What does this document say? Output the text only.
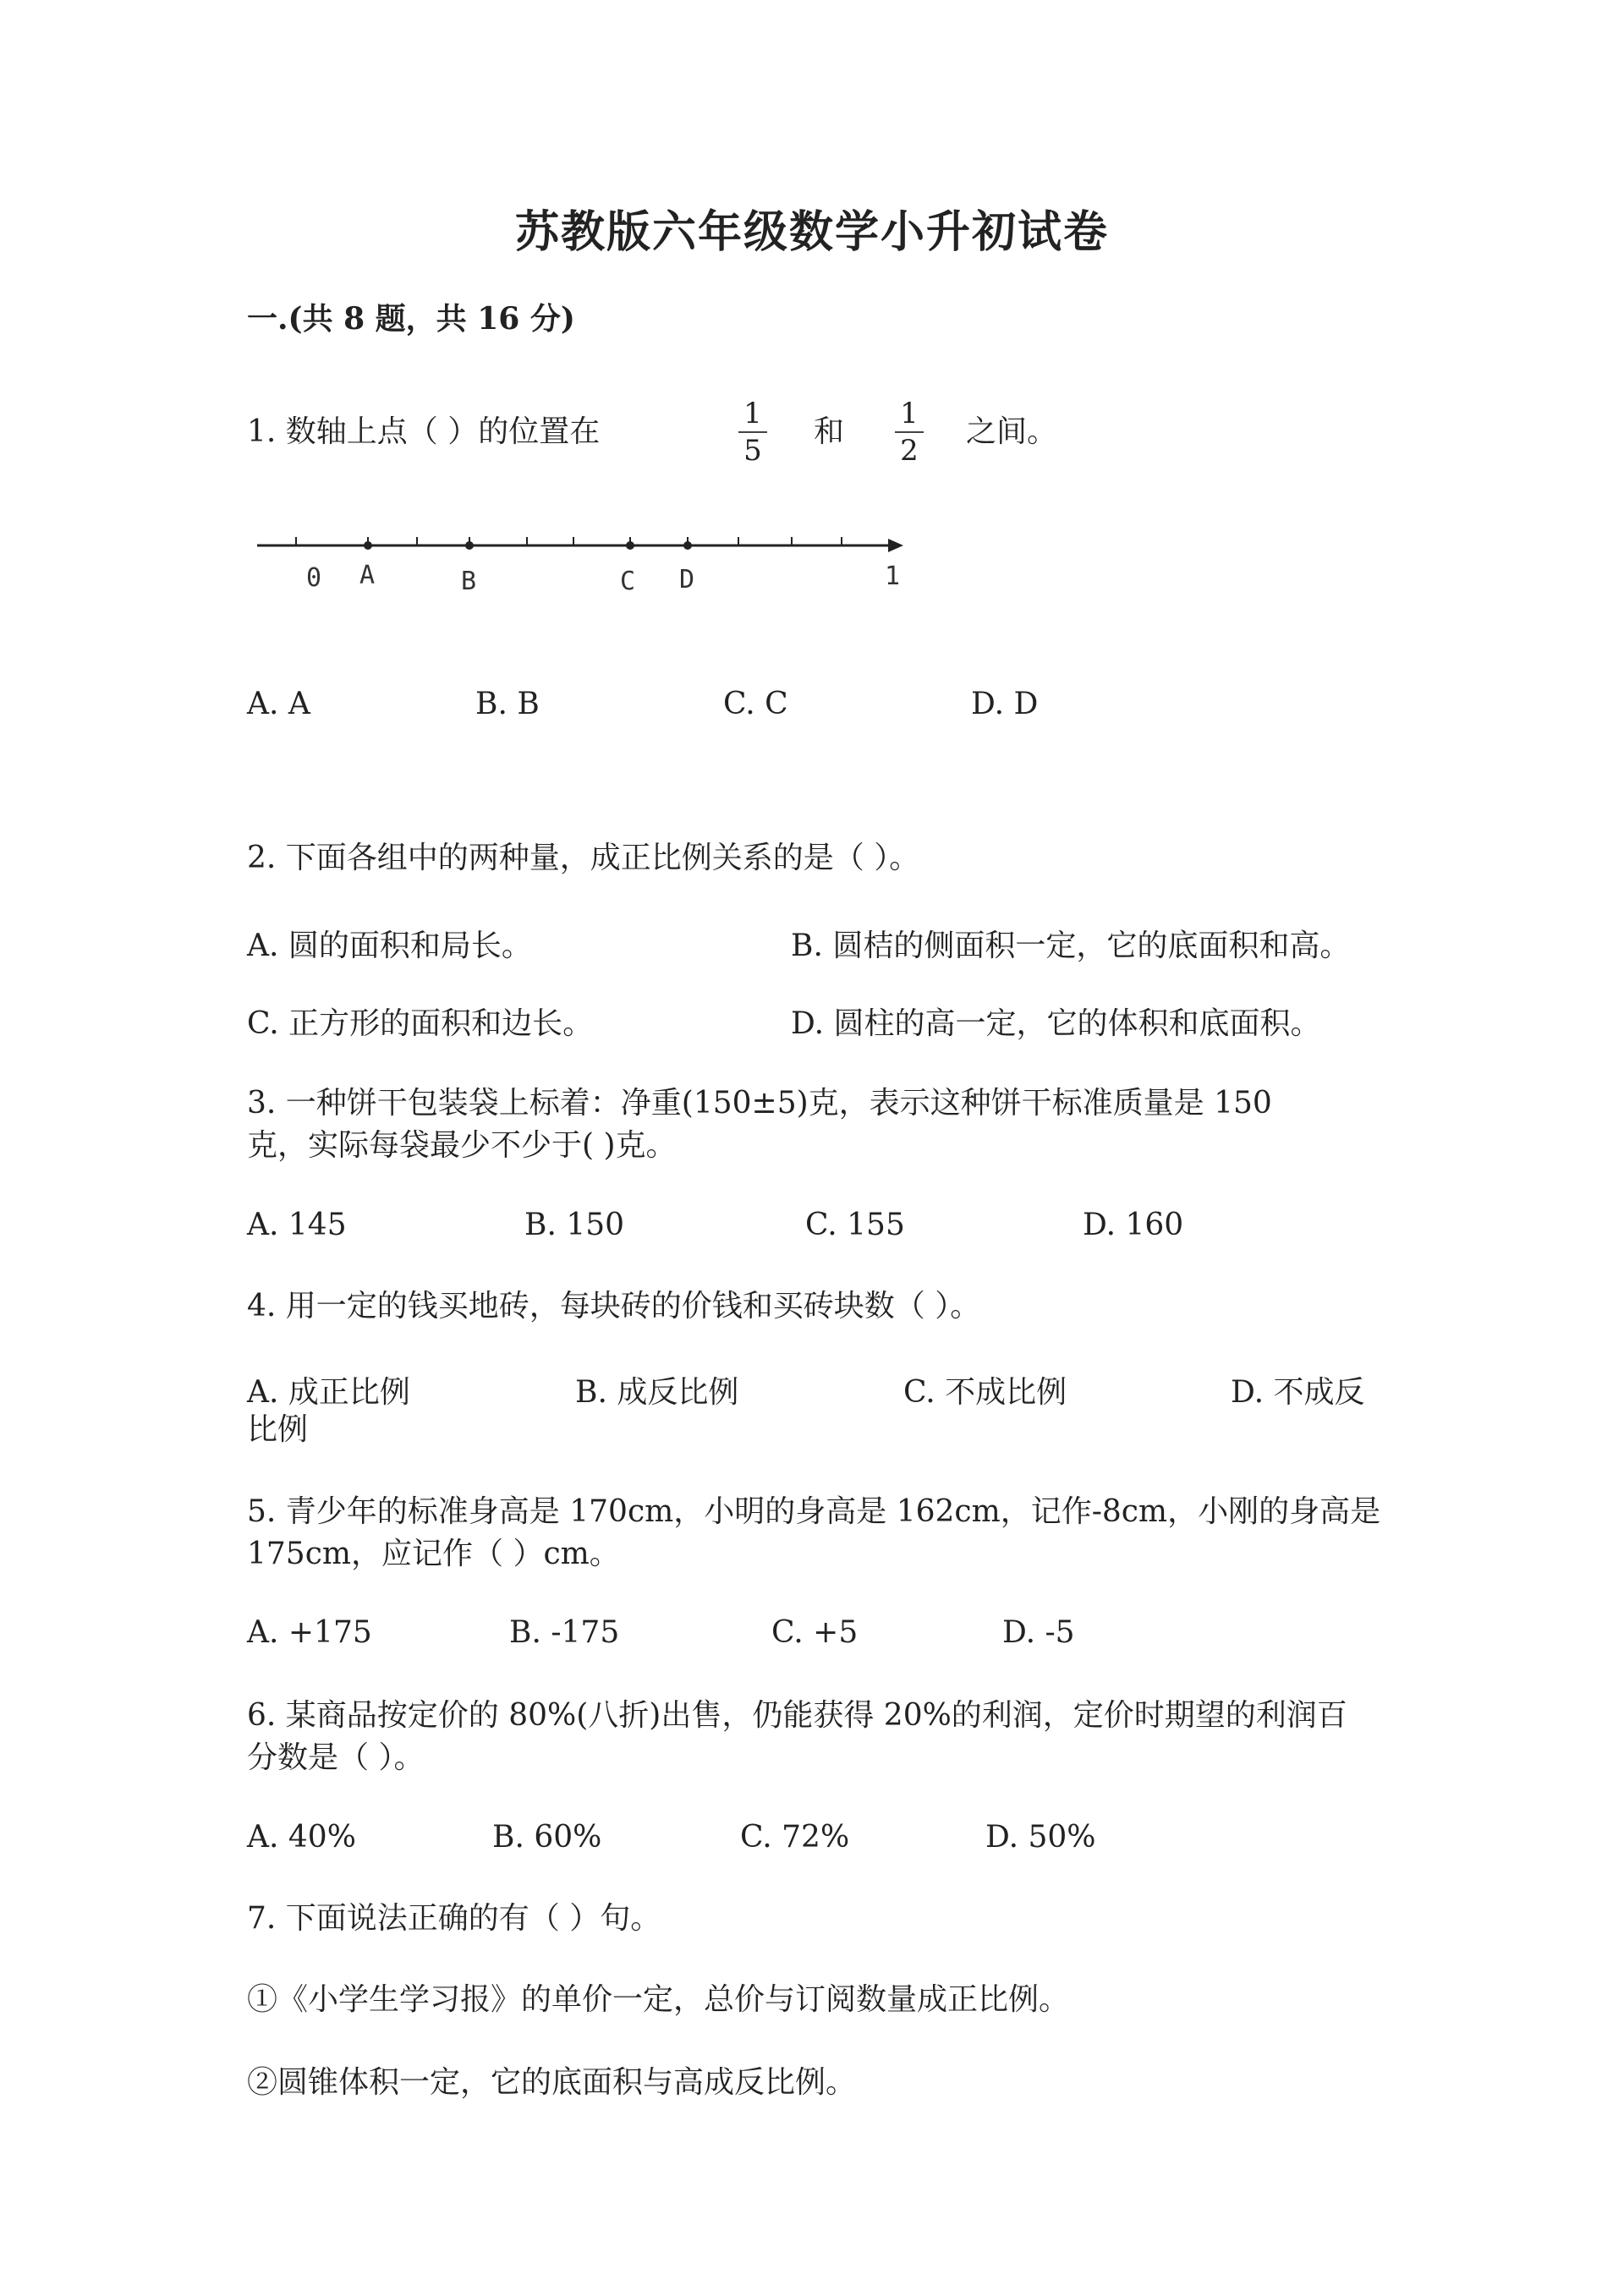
苏教版六年级数学小升初试卷
一.(共 8 题，共 16 分)
1. 数轴上点（ ）的位置在	$\frac{1}{5}$ 和 $\frac{1}{2}$ 之间。
0 A	B	C D	1
A. A	B. B	C. C	D. D
2. 下面各组中的两种量，成正比例关系的是（ ）。
A. 圆的面积和局长。	B. 圆桔的侧面积一定，它的底面积和高。
C. 正方形的面积和边长。	D. 圆柱的高一定，它的体积和底面积。
3. 一种饼干包装袋上标着：净重(150±5)克，表示这种饼干标准质量是 150
克，实际每袋最少不少于( )克。
A. 145	B. 150	C. 155	D. 160
4. 用一定的钱买地砖，每块砖的价钱和买砖块数（ ）。
A. 成正比例	B. 成反比例	C. 不成比例	D. 不成反
比例
5. 青少年的标准身高是 170cm，小明的身高是 162cm，记作-8cm，小刚的身高是
175cm，应记作（ ）cm。
A. +175	B. -175	C. +5	D. -5
6. 某商品按定价的 80%(八折)出售，仍能获得 20%的利润，定价时期望的利润百
分数是（ ）。
A. 40%	B. 60%	C. 72%	D. 50%
7. 下面说法正确的有（ ）句。
①《小学生学习报》的单价一定，总价与订阅数量成正比例。
②圆锥体积一定，它的底面积与高成反比例。
